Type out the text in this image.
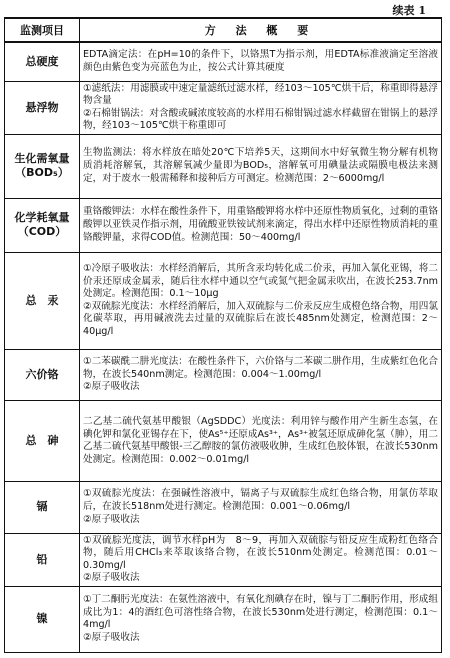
续表 1
监测项目	方 法 概 要

总硬度	EDTA滴定法：在pH=10的条件下，以铬黑T为指示剂，用EDTA标准液滴定至溶液颜色由紫色变为亮蓝色为止，按公式计算其硬度

悬浮物	①滤纸法：用滤膜或中速定量滤纸过滤水样，经103～105℃烘干后，称重即得悬浮物含量

②石棉钳锅法：对含酸或碱浓度较高的水样用石棉钳锅过滤水样截留在钳锅上的悬浮物，经103～105℃烘干称重即可

生化需氧量
（BOD₅）	生物监测法：将水样放在暗处20℃下培养5天，这期间水中好氧微生物分解有机物质消耗溶解氧，其溶解氧减少量即为BOD₅，溶解氧可用碘量法或隔膜电极法来测定，对于废水一般需稀释和接种后方可测定。检测范围：2～6000mg/l

化学耗氧量
（COD）	重铬酸钾法：水样在酸性条件下，用重铬酸钾将水样中还原性物质氧化，过剩的重铬酸钾以亚铁灵作指示剂，用硫酸亚铁铵试剂来滴定，得出水样中还原性物质消耗的重铬酸钾量，求得COD值。检测范围：50～400mg/l

总　汞	①冷原子吸收法：水样经消解后，其所含汞均转化成二价汞，再加入氯化亚锡，将二价汞还原成金属汞，随后往水样中通以空气或氮气把金属汞吹出，在波长253.7nm处测定。检测范围：0.1～10μg

②双硫腙光度法：水样经消解后，加入双硫腙与二价汞反应生成橙色络合物，用四氯化碳萃取，再用碱液洗去过量的双硫腙后在波长485nm处测定，检测范围：2～40μg/l

六价铬	①二苯碳酰二肼光度法：在酸性条件下，六价铬与二苯碳二肼作用，生成紫红色化合物，在波长540nm测定。检测范围：0.004～1.00mg/l

②原子吸收法

总　砷	二乙基二硫代氨基甲酸银（AgSDDC）光度法：利用锌与酸作用产生新生态氢，在碘化钾和氯化亚锡存在下，使As⁵⁺还原成As³⁺，As³⁺被氢还原成砷化氢（胂），用二乙基二硫代氨基甲酸银-三乙醇胺的氯仿液吸收胂，生成红色胶体银，在波长530nm处测定。检测范围：0.002～0.01mg/l

镉	①双硫腙光度法：在强碱性溶液中，镉离子与双硫腙生成红色络合物，用氯仿萃取后，在波长518nm处进行测定。检测范围：0.001～0.06mg/l

②原子吸收法

铅	①双硫腙光度法，调节水样pH为　8～9，再加入双硫腙与铅反应生成粉红色络合物，随后用CHCl₃来萃取该络合物，在波长510nm处测定。检测范围：0.01～0.30mg/l

②原子吸收法

镍	①丁二酮肟光度法：在氨性溶液中，有氧化剂碘存在时，镍与丁二酮肟作用，形成组成比为1：4的酒红色可溶性络合物，在波长530nm处进行测定，检测范围：0.1～4mg/l

②原子吸收法
